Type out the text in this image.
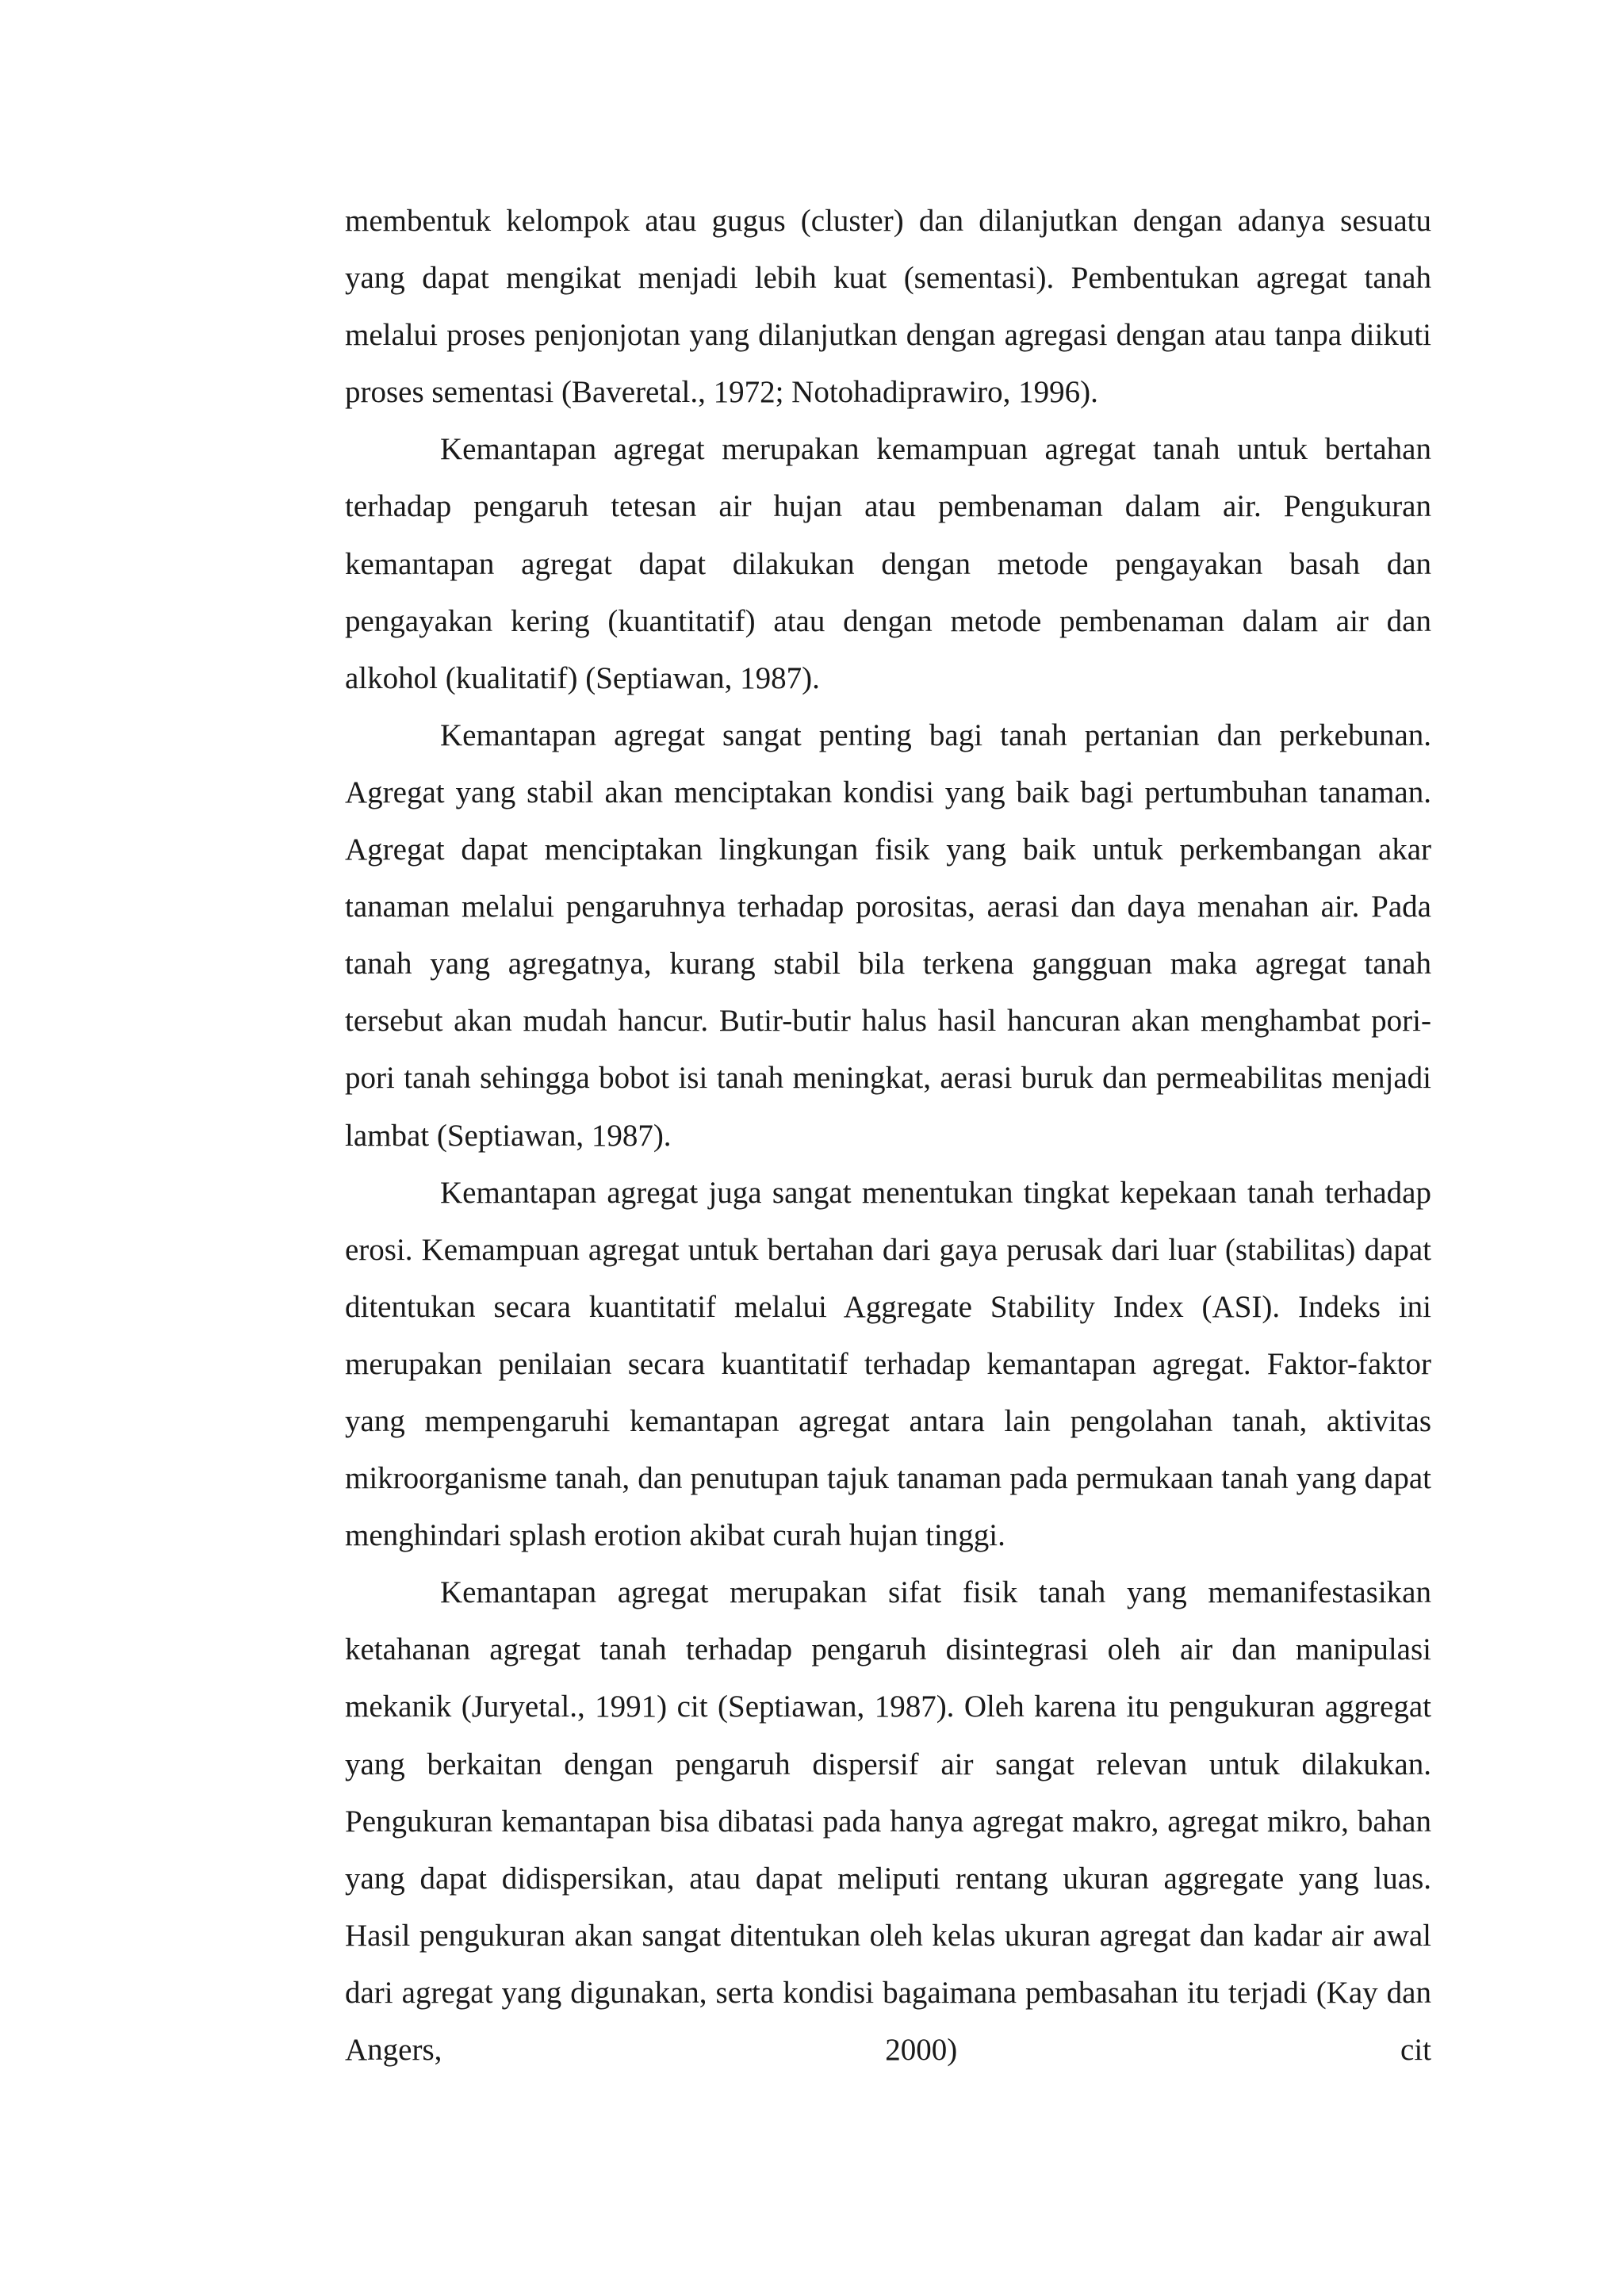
membentuk kelompok atau gugus (cluster) dan dilanjutkan dengan adanya sesuatu yang dapat mengikat menjadi lebih kuat (sementasi). Pembentukan agregat tanah melalui proses penjonjotan yang dilanjutkan dengan agregasi dengan atau tanpa diikuti proses sementasi (Baveretal., 1972; Notohadiprawiro, 1996).

Kemantapan agregat merupakan kemampuan agregat tanah untuk bertahan terhadap pengaruh tetesan air hujan atau pembenaman dalam air. Pengukuran kemantapan agregat dapat dilakukan dengan metode pengayakan basah dan pengayakan kering (kuantitatif) atau dengan metode pembenaman dalam air dan alkohol (kualitatif) (Septiawan, 1987).

Kemantapan agregat sangat penting bagi tanah pertanian dan perkebunan. Agregat yang stabil akan menciptakan kondisi yang baik bagi pertumbuhan tanaman. Agregat dapat menciptakan lingkungan fisik yang baik untuk perkembangan akar tanaman melalui pengaruhnya terhadap porositas, aerasi dan daya menahan air. Pada tanah yang agregatnya, kurang stabil bila terkena gangguan maka agregat tanah tersebut akan mudah hancur. Butir-butir halus hasil hancuran akan menghambat pori-pori tanah sehingga bobot isi tanah meningkat, aerasi buruk dan permeabilitas menjadi lambat (Septiawan, 1987).

Kemantapan agregat juga sangat menentukan tingkat kepekaan tanah terhadap erosi. Kemampuan agregat untuk bertahan dari gaya perusak dari luar (stabilitas) dapat ditentukan secara kuantitatif melalui Aggregate Stability Index (ASI). Indeks ini merupakan penilaian secara kuantitatif terhadap kemantapan agregat. Faktor-faktor yang mempengaruhi kemantapan agregat antara lain pengolahan tanah, aktivitas mikroorganisme tanah, dan penutupan tajuk tanaman pada permukaan tanah yang dapat menghindari splash erotion akibat curah hujan tinggi.

Kemantapan agregat merupakan sifat fisik tanah yang memanifestasikan ketahanan agregat tanah terhadap pengaruh disintegrasi oleh air dan manipulasi mekanik (Juryetal., 1991) cit (Septiawan, 1987). Oleh karena itu pengukuran aggregat yang berkaitan dengan pengaruh dispersif air sangat relevan untuk dilakukan. Pengukuran kemantapan bisa dibatasi pada hanya agregat makro, agregat mikro, bahan yang dapat didispersikan, atau dapat meliputi rentang ukuran aggregate yang luas. Hasil pengukuran akan sangat ditentukan oleh kelas ukuran agregat dan kadar air awal dari agregat yang digunakan, serta kondisi bagaimana pembasahan itu terjadi (Kay dan Angers, 2000) cit
